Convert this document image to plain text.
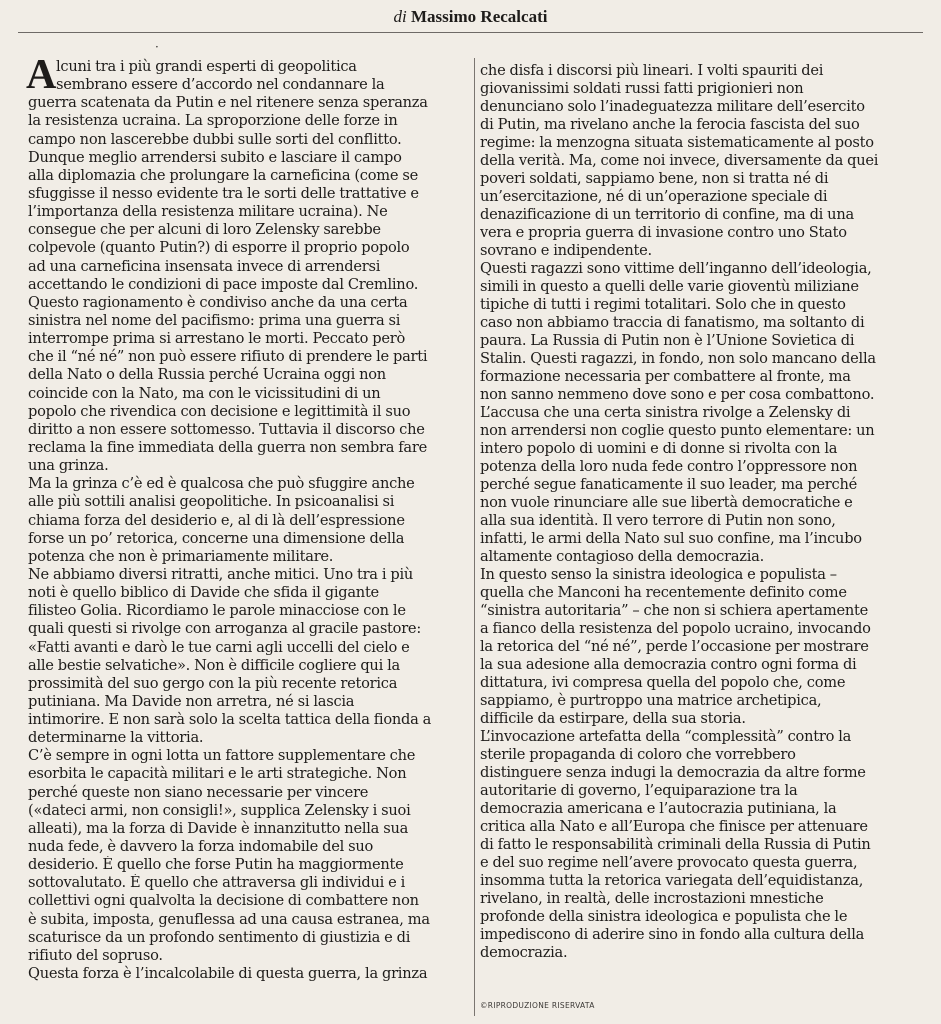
di Massimo Recalcati
·
A lcuni tra i più grandi esperti di geopolitica
sembrano essere d’accordo nel condannare la
guerra scatenata da Putin e nel ritenere senza speranza
la resistenza ucraina. La sproporzione delle forze in
campo non lascerebbe dubbi sulle sorti del conflitto.
Dunque meglio arrendersi subito e lasciare il campo
alla diplomazia che prolungare la carneficina (come se
sfuggisse il nesso evidente tra le sorti delle trattative e
l’importanza della resistenza militare ucraina). Ne
consegue che per alcuni di loro Zelensky sarebbe
colpevole (quanto Putin?) di esporre il proprio popolo
ad una carneficina insensata invece di arrendersi
accettando le condizioni di pace imposte dal Cremlino.
Questo ragionamento è condiviso anche da una certa
sinistra nel nome del pacifismo: prima una guerra si
interrompe prima si arrestano le morti. Peccato però
che il “né né” non può essere rifiuto di prendere le parti
della Nato o della Russia perché Ucraina oggi non
coincide con la Nato, ma con le vicissitudini di un
popolo che rivendica con decisione e legittimità il suo
diritto a non essere sottomesso. Tuttavia il discorso che
reclama la fine immediata della guerra non sembra fare
una grinza.
Ma la grinza c’è ed è qualcosa che può sfuggire anche
alle più sottili analisi geopolitiche. In psicoanalisi si
chiama forza del desiderio e, al di là dell’espressione
forse un po’ retorica, concerne una dimensione della
potenza che non è primariamente militare.
Ne abbiamo diversi ritratti, anche mitici. Uno tra i più
noti è quello biblico di Davide che sfida il gigante
filisteo Golia. Ricordiamo le parole minacciose con le
quali questi si rivolge con arroganza al gracile pastore:
«Fatti avanti e darò le tue carni agli uccelli del cielo e
alle bestie selvatiche». Non è difficile cogliere qui la
prossimità del suo gergo con la più recente retorica
putiniana. Ma Davide non arretra, né si lascia
intimorire. E non sarà solo la scelta tattica della fionda a
determinarne la vittoria.
C’è sempre in ogni lotta un fattore supplementare che
esorbita le capacità militari e le arti strategiche. Non
perché queste non siano necessarie per vincere
(«dateci armi, non consigli!», supplica Zelensky i suoi
alleati), ma la forza di Davide è innanzitutto nella sua
nuda fede, è davvero la forza indomabile del suo
desiderio. È quello che forse Putin ha maggiormente
sottovalutato. È quello che attraversa gli individui e i
collettivi ogni qualvolta la decisione di combattere non
è subita, imposta, genuflessa ad una causa estranea, ma
scaturisce da un profondo sentimento di giustizia e di
rifiuto del sopruso.
Questa forza è l’incalcolabile di questa guerra, la grinza
che disfa i discorsi più lineari. I volti spauriti dei
giovanissimi soldati russi fatti prigionieri non
denunciano solo l’inadeguatezza militare dell’esercito
di Putin, ma rivelano anche la ferocia fascista del suo
regime: la menzogna situata sistematicamente al posto
della verità. Ma, come noi invece, diversamente da quei
poveri soldati, sappiamo bene, non si tratta né di
un’esercitazione, né di un’operazione speciale di
denazificazione di un territorio di confine, ma di una
vera e propria guerra di invasione contro uno Stato
sovrano e indipendente.
Questi ragazzi sono vittime dell’inganno dell’ideologia,
simili in questo a quelli delle varie gioventù miliziane
tipiche di tutti i regimi totalitari. Solo che in questo
caso non abbiamo traccia di fanatismo, ma soltanto di
paura. La Russia di Putin non è l’Unione Sovietica di
Stalin. Questi ragazzi, in fondo, non solo mancano della
formazione necessaria per combattere al fronte, ma
non sanno nemmeno dove sono e per cosa combattono.
L’accusa che una certa sinistra rivolge a Zelensky di
non arrendersi non coglie questo punto elementare: un
intero popolo di uomini e di donne si rivolta con la
potenza della loro nuda fede contro l’oppressore non
perché segue fanaticamente il suo leader, ma perché
non vuole rinunciare alle sue libertà democratiche e
alla sua identità. Il vero terrore di Putin non sono,
infatti, le armi della Nato sul suo confine, ma l’incubo
altamente contagioso della democrazia.
In questo senso la sinistra ideologica e populista –
quella che Manconi ha recentemente definito come
“sinistra autoritaria” – che non si schiera apertamente
a fianco della resistenza del popolo ucraino, invocando
la retorica del “né né”, perde l’occasione per mostrare
la sua adesione alla democrazia contro ogni forma di
dittatura, ivi compresa quella del popolo che, come
sappiamo, è purtroppo una matrice archetipica,
difficile da estirpare, della sua storia.
L’invocazione artefatta della “complessità” contro la
sterile propaganda di coloro che vorrebbero
distinguere senza indugi la democrazia da altre forme
autoritarie di governo, l’equiparazione tra la
democrazia americana e l’autocrazia putiniana, la
critica alla Nato e all’Europa che finisce per attenuare
di fatto le responsabilità criminali della Russia di Putin
e del suo regime nell’avere provocato questa guerra,
insomma tutta la retorica variegata dell’equidistanza,
rivelano, in realtà, delle incrostazioni mnestiche
profonde della sinistra ideologica e populista che le
impediscono di aderire sino in fondo alla cultura della
democrazia.
©RIPRODUZIONE RISERVATA
